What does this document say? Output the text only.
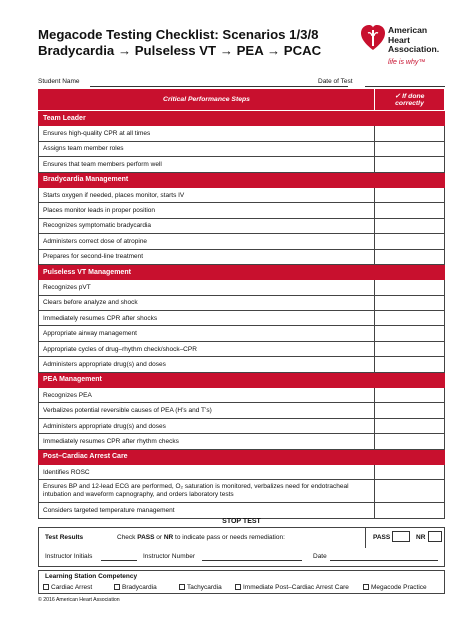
Megacode Testing Checklist: Scenarios 1/3/8
Bradycardia → Pulseless VT → PEA → PCAC
American
Heart
Association.
life is why™
Student Name	Date of Test
Critical Performance Steps	✓ If done
correctly

Team Leader	
Ensures high-quality CPR at all times	
Assigns team member roles	
Ensures that team members perform well	
Bradycardia Management	
Starts oxygen if needed, places monitor, starts IV	
Places monitor leads in proper position	
Recognizes symptomatic bradycardia	
Administers correct dose of atropine	
Prepares for second-line treatment	
Pulseless VT Management	
Recognizes pVT	
Clears before analyze and shock	
Immediately resumes CPR after shocks	
Appropriate airway management	
Appropriate cycles of drug–rhythm check/shock–CPR	
Administers appropriate drug(s) and doses	
PEA Management	
Recognizes PEA	
Verbalizes potential reversible causes of PEA (H’s and T’s)	
Administers appropriate drug(s) and doses	
Immediately resumes CPR after rhythm checks	
Post–Cardiac Arrest Care	
Identifies ROSC	
Ensures BP and 12-lead ECG are performed, O₂ saturation is monitored, verbalizes need for endotracheal intubation and waveform capnography, and orders laboratory tests	
Considers targeted temperature management	
STOP TEST
Test Results	Check PASS or NR to indicate pass or needs remediation:	PASS	NR
Instructor Initials	Instructor Number	Date
Learning Station Competency
Cardiac Arrest	Bradycardia	Tachycardia	Immediate Post–Cardiac Arrest Care	Megacode Practice
© 2016 American Heart Association
